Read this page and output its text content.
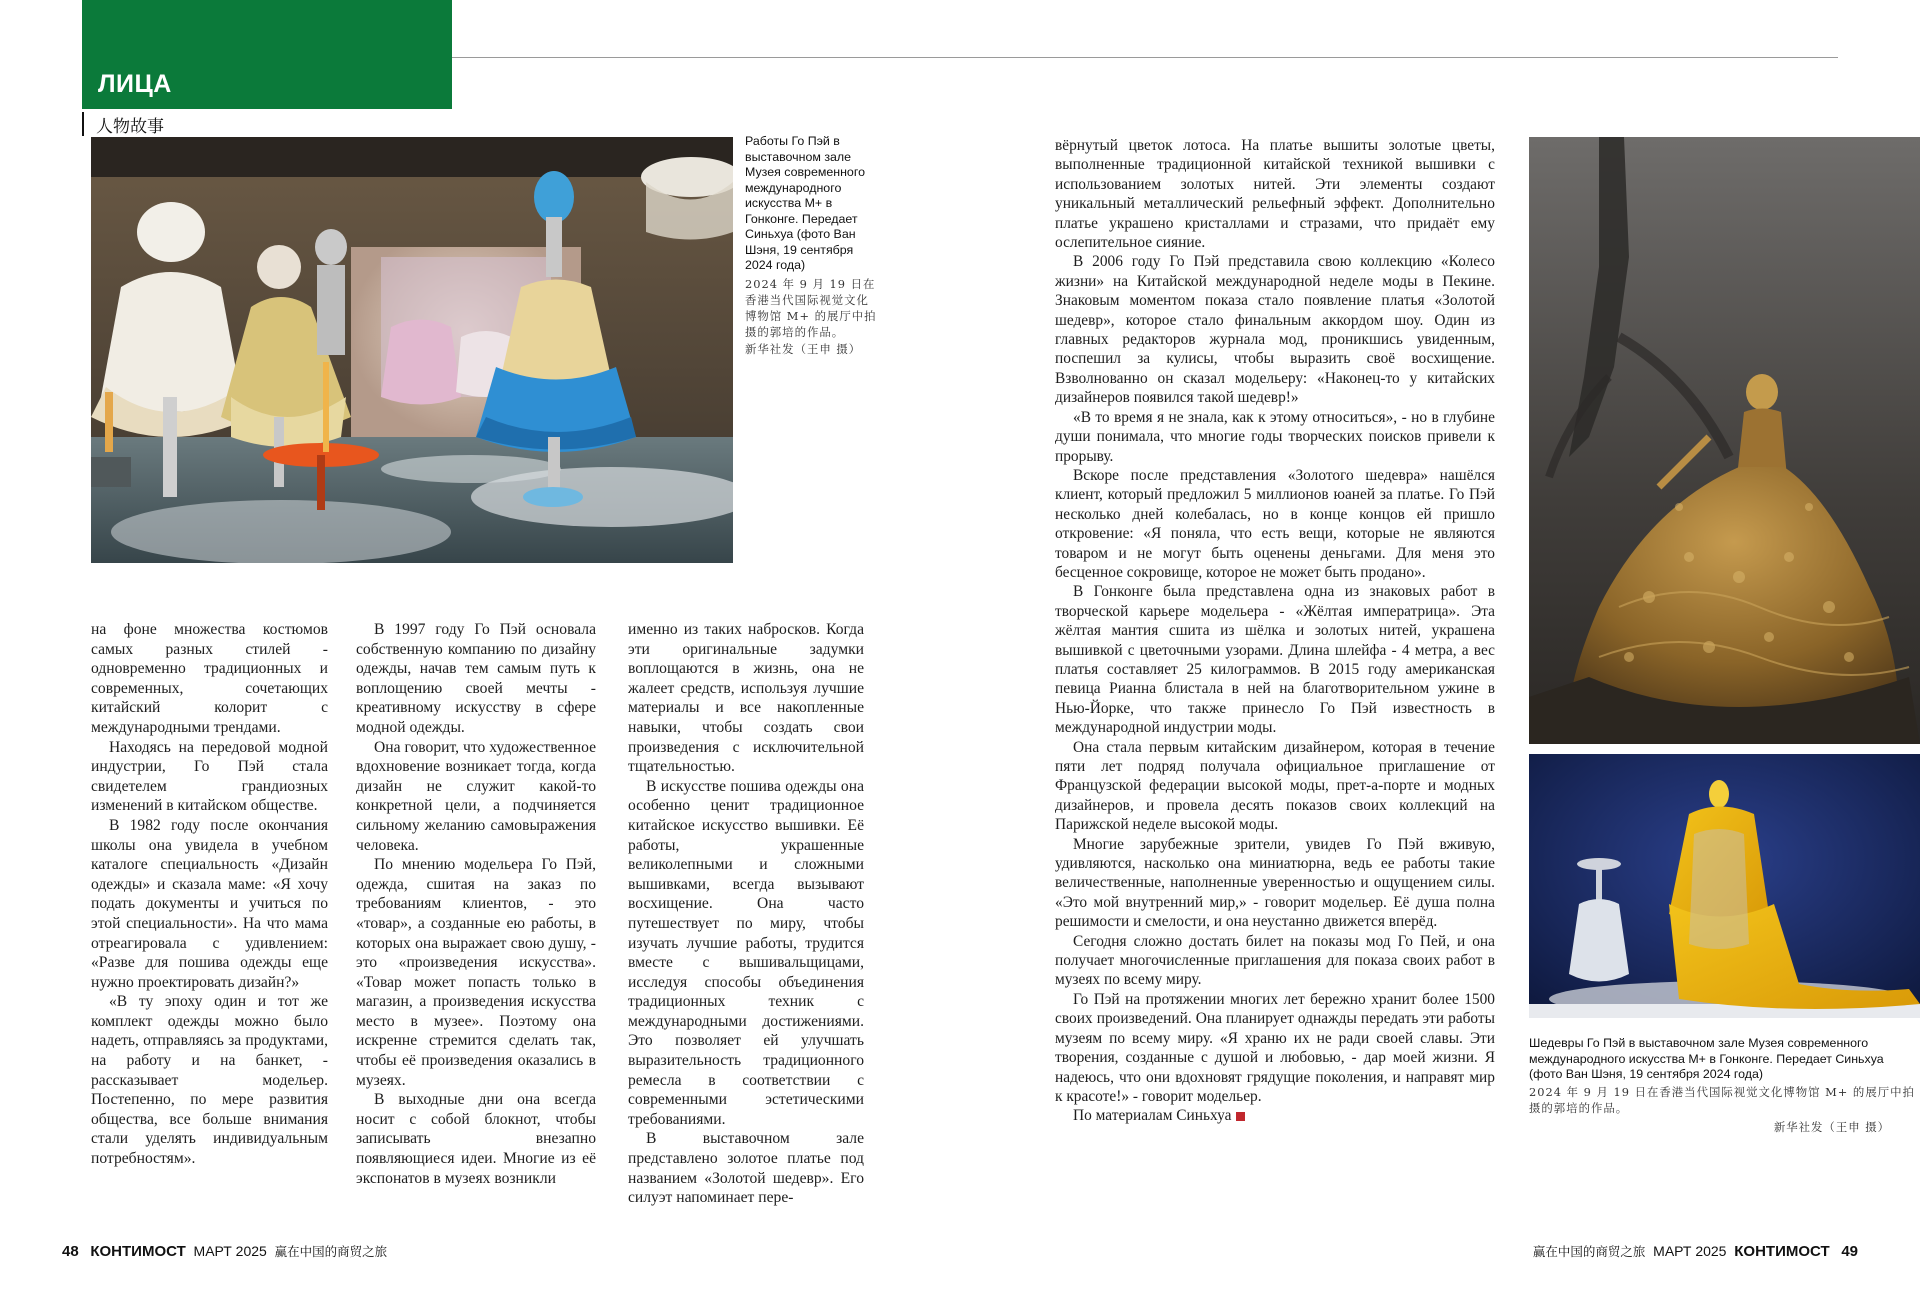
ЛИЦА
人物故事
Работы Го Пэй в выставочном зале Музея современного международного искусства М+ в Гонконге. Передает Синьхуа (фото Ван Шэня, 19 сентября 2024 года)
2024 年 9 月 19 日在香港当代国际视觉文化博物馆 M+ 的展厅中拍摄的郭培的作品。
新华社发（王申 摄）

на фоне множества костюмов самых разных стилей - одновременно традиционных и современных, сочетающих китайский колорит с международными трендами.

Находясь на передовой модной индустрии, Го Пэй стала свидетелем грандиозных изменений в китайском обществе.

В 1982 году после окончания школы она увидела в учебном каталоге специальность «Дизайн одежды» и сказала маме: «Я хочу подать документы и учиться по этой специальности». На что мама отреагировала с удивлением: «Разве для пошива одежды еще нужно проектировать дизайн?»

«В ту эпоху один и тот же комплект одежды можно было надеть, отправляясь за продуктами, на работу и на банкет, - рассказывает модельер. Постепенно, по мере развития общества, все больше внимания стали уделять индивидуальным потребностям».

В 1997 году Го Пэй основала собственную компанию по дизайну одежды, начав тем самым путь к воплощению своей мечты - креативному искусству в сфере модной одежды.

Она говорит, что художественное вдохновение возникает тогда, когда дизайн не служит какой-то конкретной цели, а подчиняется сильному желанию самовыражения человека.

По мнению модельера Го Пэй, одежда, сшитая на заказ по требованиям клиентов, - это «товар», а созданные ею работы, в которых она выражает свою душу, - это «произведения искусства». «Товар может попасть только в магазин, а произведения искусства место в музее». Поэтому она искренне стремится сделать так, чтобы её произведения оказались в музеях.

В выходные дни она всегда носит с собой блокнот, чтобы записывать внезапно появляющиеся идеи. Многие из её экспонатов в музеях возникли

именно из таких набросков. Когда эти оригинальные задумки воплощаются в жизнь, она не жалеет средств, используя лучшие материалы и все накопленные навыки, чтобы создать свои произведения с исключительной тщательностью.

В искусстве пошива одежды она особенно ценит традиционное китайское искусство вышивки. Её работы, украшенные великолепными и сложными вышивками, всегда вызывают восхищение. Она часто путешествует по миру, чтобы изучать лучшие работы, трудится вместе с вышивальщицами, исследуя способы объединения традиционных техник с международными достижениями. Это позволяет ей улучшать выразительность традиционного ремесла в соответствии с современными эстетическими требованиями.

В выставочном зале представлено золотое платье под названием «Золотой шедевр». Его силуэт напоминает пере-

вёрнутый цветок лотоса. На платье вышиты золотые цветы, выполненные традиционной китайской техникой вышивки с использованием золотых нитей. Эти элементы создают уникальный металлический рельефный эффект. Дополнительно платье украшено кристаллами и стразами, что придаёт ему ослепительное сияние.

В 2006 году Го Пэй представила свою коллекцию «Колесо жизни» на Китайской международной неделе моды в Пекине. Знаковым моментом показа стало появление платья «Золотой шедевр», которое стало финальным аккордом шоу. Один из главных редакторов журнала мод, проникшись увиденным, поспешил за кулисы, чтобы выразить своё восхищение. Взволнованно он сказал модельеру: «Наконец-то у китайских дизайнеров появился такой шедевр!»

«В то время я не знала, как к этому относиться», - но в глубине души понимала, что многие годы творческих поисков привели к прорыву.

Вскоре после представления «Золотого шедевра» нашёлся клиент, который предложил 5 миллионов юаней за платье. Го Пэй несколько дней колебалась, но в конце концов ей пришло откровение: «Я поняла, что есть вещи, которые не являются товаром и не могут быть оценены деньгами. Для меня это бесценное сокровище, которое не может быть продано».

В Гонконге была представлена одна из знаковых работ в творческой карьере модельера - «Жёлтая императрица». Эта жёлтая мантия сшита из шёлка и золотых нитей, украшена вышивкой с цветочными узорами. Длина шлейфа - 4 метра, а вес платья составляет 25 килограммов. В 2015 году американская певица Рианна блистала в ней на благотворительном ужине в Нью-Йорке, что также принесло Го Пэй известность в международной индустрии моды.

Она стала первым китайским дизайнером, которая в течение пяти лет подряд получала официальное приглашение от Французской федерации высокой моды, прет-а-порте и модных дизайнеров, и провела десять показов своих коллекций на Парижской неделе высокой моды.

Многие зарубежные зрители, увидев Го Пэй вживую, удивляются, насколько она миниатюрна, ведь ее работы такие величественные, наполненные уверенностью и ощущением силы. «Это мой внутренний мир,» - говорит модельер. Её душа полна решимости и смелости, и она неустанно движется вперёд.

Сегодня сложно достать билет на показы мод Го Пей, и она получает многочисленные приглашения для показа своих работ в музеях по всему миру.

Го Пэй на протяжении многих лет бережно хранит более 1500 своих произведений. Она планирует однажды передать эти работы музеям по всему миру. «Я храню их не ради своей славы. Эти творения, созданные с душой и любовью, - дар моей жизни. Я надеюсь, что они вдохновят грядущие поколения, и направят мир к красоте!» - говорит модельер.

По материалам Синьхуа

Шедевры Го Пэй в выставочном зале Музея современного международного искусства М+ в Гонконге. Передает Синьхуа (фото Ван Шэня, 19 сентября 2024 года)
2024 年 9 月 19 日在香港当代国际视觉文化博物馆 M+ 的展厅中拍摄的郭培的作品。
新华社发（王申 摄）
48 КОНТИМОСТ МАРТ 2025 赢在中国的商贸之旅	赢在中国的商贸之旅 МАРТ 2025 КОНТИМОСТ 49
